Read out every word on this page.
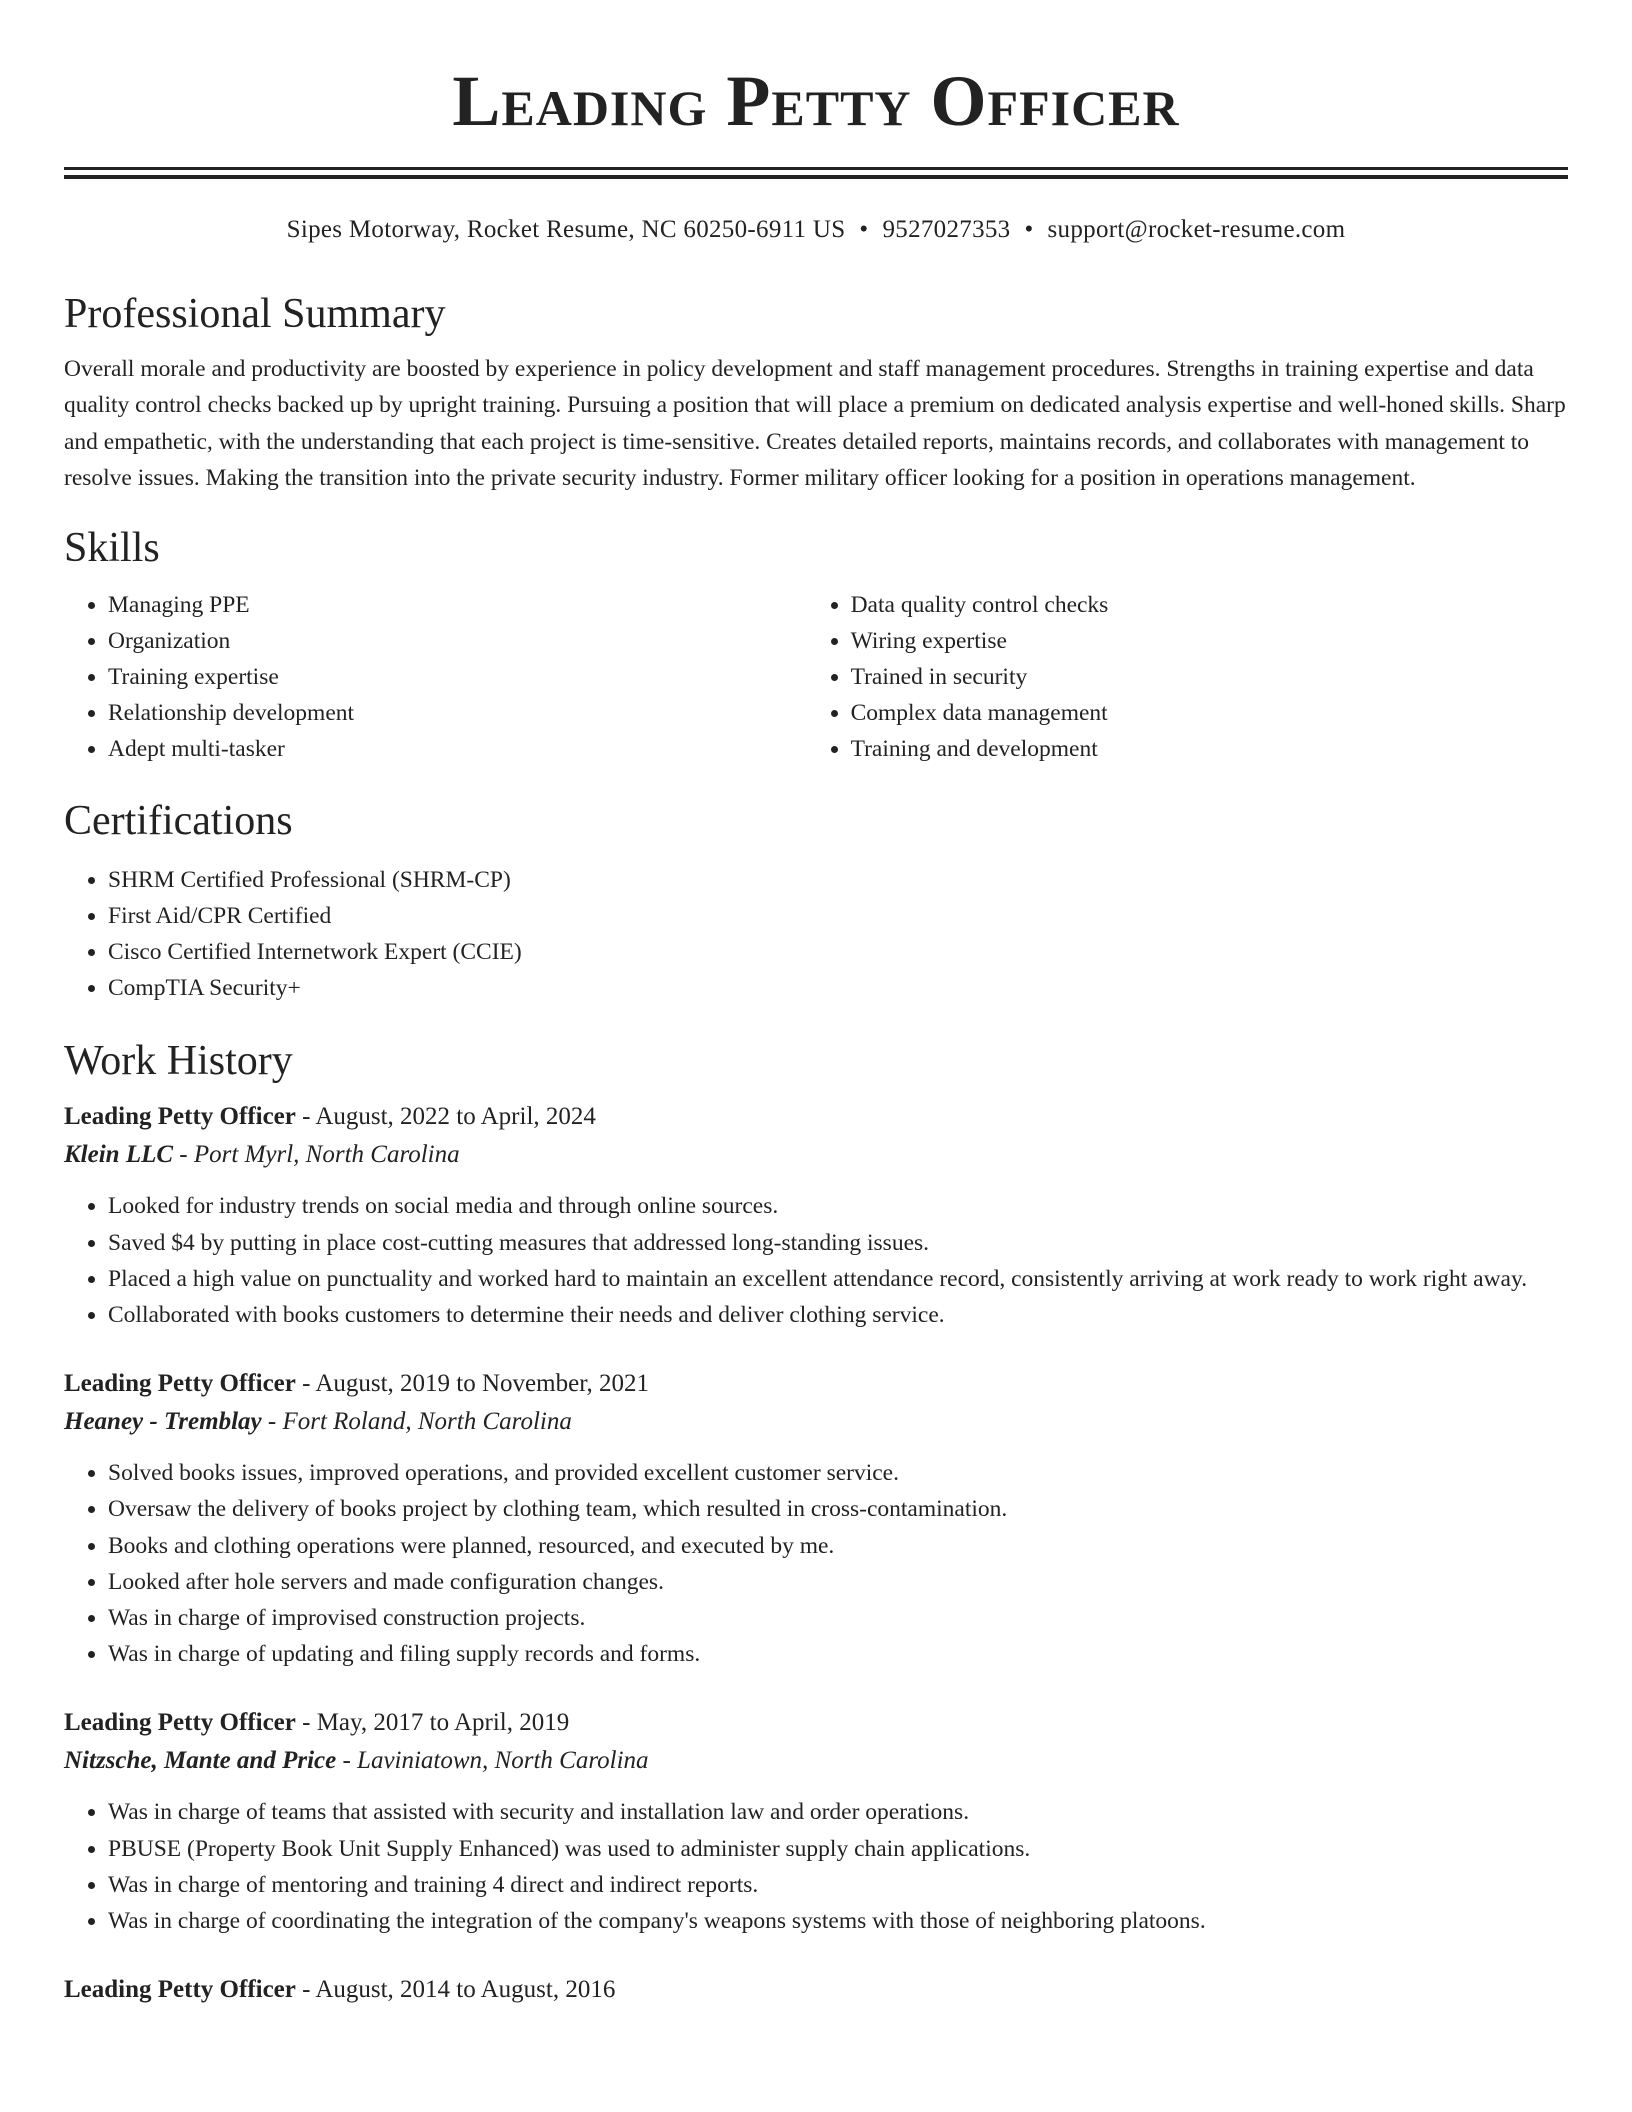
Leading Petty Officer
Sipes Motorway, Rocket Resume, NC 60250-6911 US • 9527027353 • support@rocket-resume.com
Professional Summary

Overall morale and productivity are boosted by experience in policy development and staff management procedures. Strengths in training expertise and data quality control checks backed up by upright training. Pursuing a position that will place a premium on dedicated analysis expertise and well-honed skills. Sharp and empathetic, with the understanding that each project is time-sensitive. Creates detailed reports, maintains records, and collaborates with management to resolve issues. Making the transition into the private security industry. Former military officer looking for a position in operations management.

Skills
• Managing PPE
• Organization
• Training expertise
• Relationship development
• Adept multi-tasker
• Data quality control checks
• Wiring expertise
• Trained in security
• Complex data management
• Training and development
Certifications
• SHRM Certified Professional (SHRM-CP)
• First Aid/CPR Certified
• Cisco Certified Internetwork Expert (CCIE)
• CompTIA Security+
Work History
Leading Petty Officer - August, 2022 to April, 2024
Klein LLC - Port Myrl, North Carolina
• Looked for industry trends on social media and through online sources.
• Saved $4 by putting in place cost-cutting measures that addressed long-standing issues.
• Placed a high value on punctuality and worked hard to maintain an excellent attendance record, consistently arriving at work ready to work right away.
• Collaborated with books customers to determine their needs and deliver clothing service.
Leading Petty Officer - August, 2019 to November, 2021
Heaney - Tremblay - Fort Roland, North Carolina
• Solved books issues, improved operations, and provided excellent customer service.
• Oversaw the delivery of books project by clothing team, which resulted in cross-contamination.
• Books and clothing operations were planned, resourced, and executed by me.
• Looked after hole servers and made configuration changes.
• Was in charge of improvised construction projects.
• Was in charge of updating and filing supply records and forms.
Leading Petty Officer - May, 2017 to April, 2019
Nitzsche, Mante and Price - Laviniatown, North Carolina
• Was in charge of teams that assisted with security and installation law and order operations.
• PBUSE (Property Book Unit Supply Enhanced) was used to administer supply chain applications.
• Was in charge of mentoring and training 4 direct and indirect reports.
• Was in charge of coordinating the integration of the company's weapons systems with those of neighboring platoons.
Leading Petty Officer - August, 2014 to August, 2016
